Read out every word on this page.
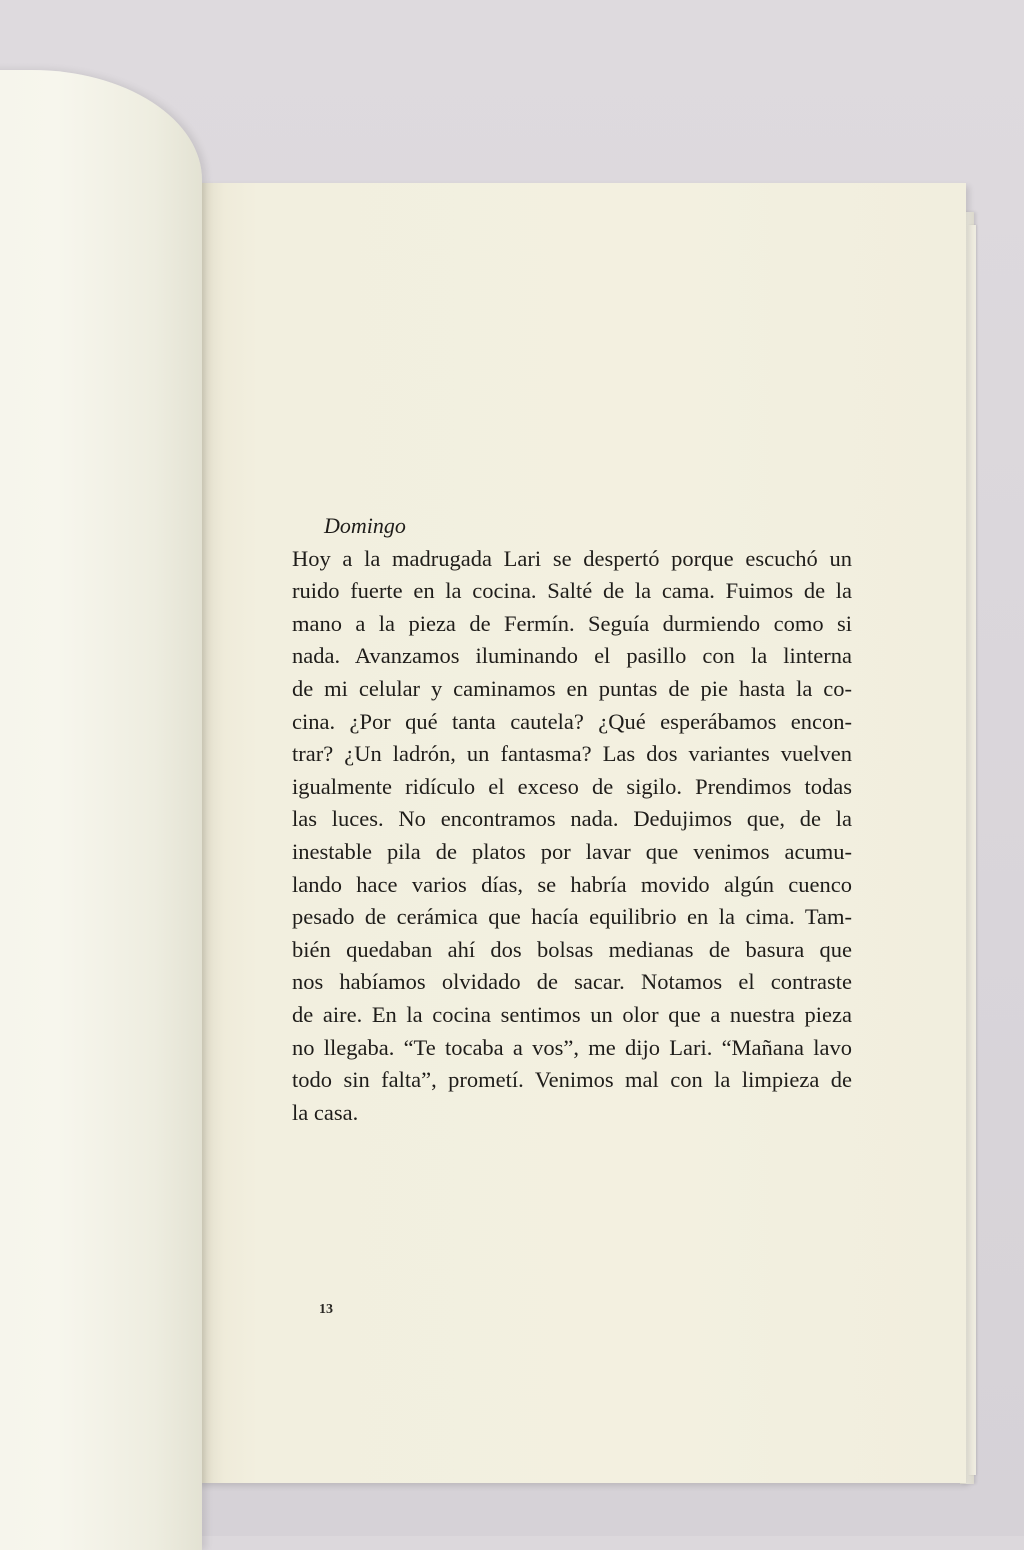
Domingo
Hoy a la madrugada Lari se despertó porque escuchó un
ruido fuerte en la cocina. Salté de la cama. Fuimos de la
mano a la pieza de Fermín. Seguía durmiendo como si
nada. Avanzamos iluminando el pasillo con la linterna
de mi celular y caminamos en puntas de pie hasta la co-
cina. ¿Por qué tanta cautela? ¿Qué esperábamos encon-
trar? ¿Un ladrón, un fantasma? Las dos variantes vuelven
igualmente ridículo el exceso de sigilo. Prendimos todas
las luces. No encontramos nada. Dedujimos que, de la
inestable pila de platos por lavar que venimos acumu-
lando hace varios días, se habría movido algún cuenco
pesado de cerámica que hacía equilibrio en la cima. Tam-
bién quedaban ahí dos bolsas medianas de basura que
nos habíamos olvidado de sacar. Notamos el contraste
de aire. En la cocina sentimos un olor que a nuestra pieza
no llegaba. “Te tocaba a vos”, me dijo Lari. “Mañana lavo
todo sin falta”, prometí. Venimos mal con la limpieza de
la casa.
13
